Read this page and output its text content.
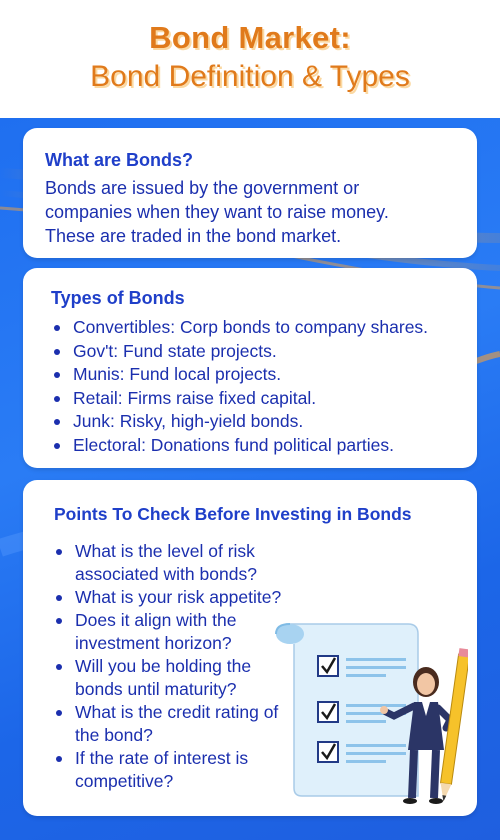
Bond Market:
Bond Definition & Types
What are Bonds?
Bonds are issued by the government or
companies when they want to raise money.
These are traded in the bond market.
Types of Bonds
Convertibles: Corp bonds to company shares.
Gov't: Fund state projects.
Munis: Fund local projects.
Retail: Firms raise fixed capital.
Junk: Risky, high-yield bonds.
Electoral: Donations fund political parties.
Points To Check Before Investing in Bonds
What is the level of risk
associated with bonds?
What is your risk appetite?
Does it align with the
investment horizon?
Will you be holding the
bonds until maturity?
What is the credit rating of
the bond?
If the rate of interest is
competitive?
